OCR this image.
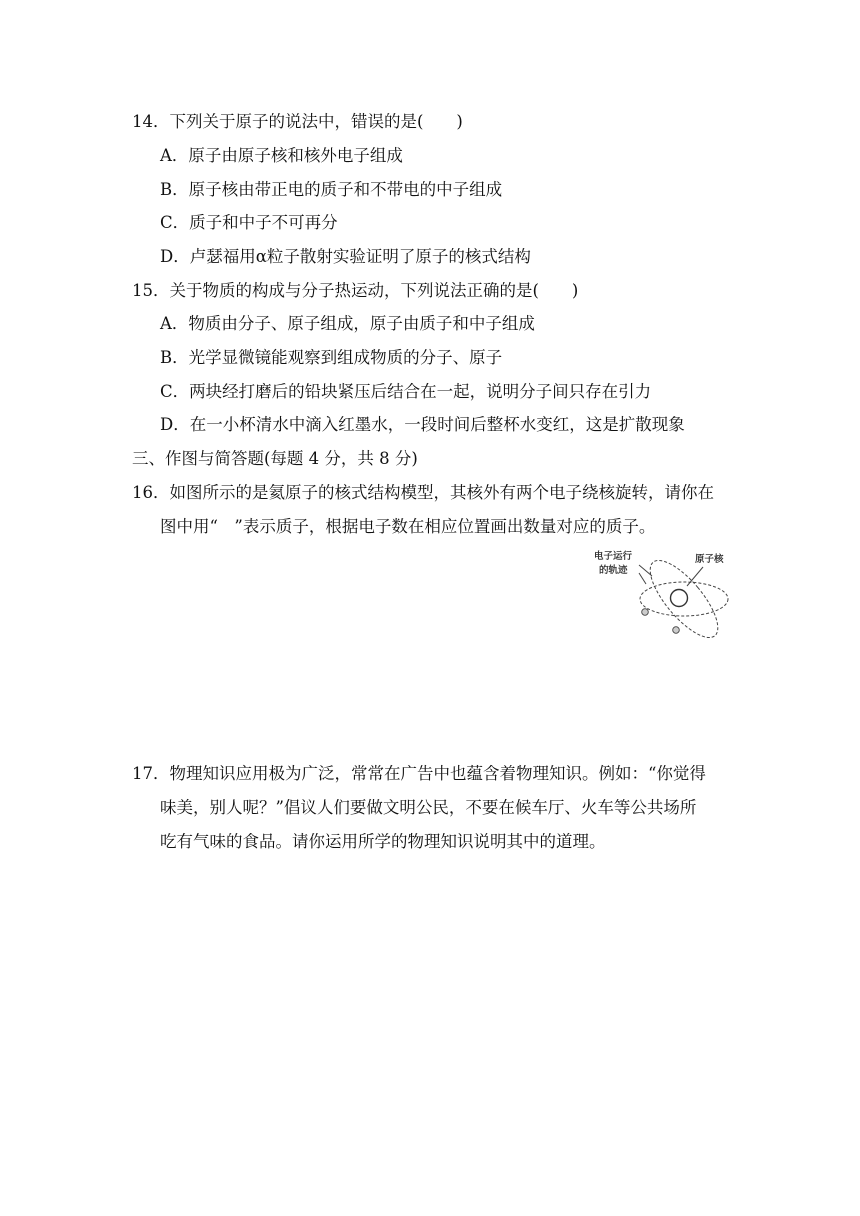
14．下列关于原子的说法中，错误的是(　　)
A．原子由原子核和核外电子组成
B．原子核由带正电的质子和不带电的中子组成
C．质子和中子不可再分
D．卢瑟福用α粒子散射实验证明了原子的核式结构
15．关于物质的构成与分子热运动，下列说法正确的是(　　)
A．物质由分子、原子组成，原子由质子和中子组成
B．光学显微镜能观察到组成物质的分子、原子
C．两块经打磨后的铅块紧压后结合在一起，说明分子间只存在引力
D．在一小杯清水中滴入红墨水，一段时间后整杯水变红，这是扩散现象
三、作图与简答题(每题 4 分，共 8 分)
16．如图所示的是氦原子的核式结构模型，其核外有两个电子绕核旋转，请你在
图中用“　”表示质子，根据电子数在相应位置画出数量对应的质子。
电子运行
的轨迹
原子核
17．物理知识应用极为广泛，常常在广告中也蕴含着物理知识。例如：“你觉得
味美，别人呢？”倡议人们要做文明公民，不要在候车厅、火车等公共场所
吃有气味的食品。请你运用所学的物理知识说明其中的道理。
